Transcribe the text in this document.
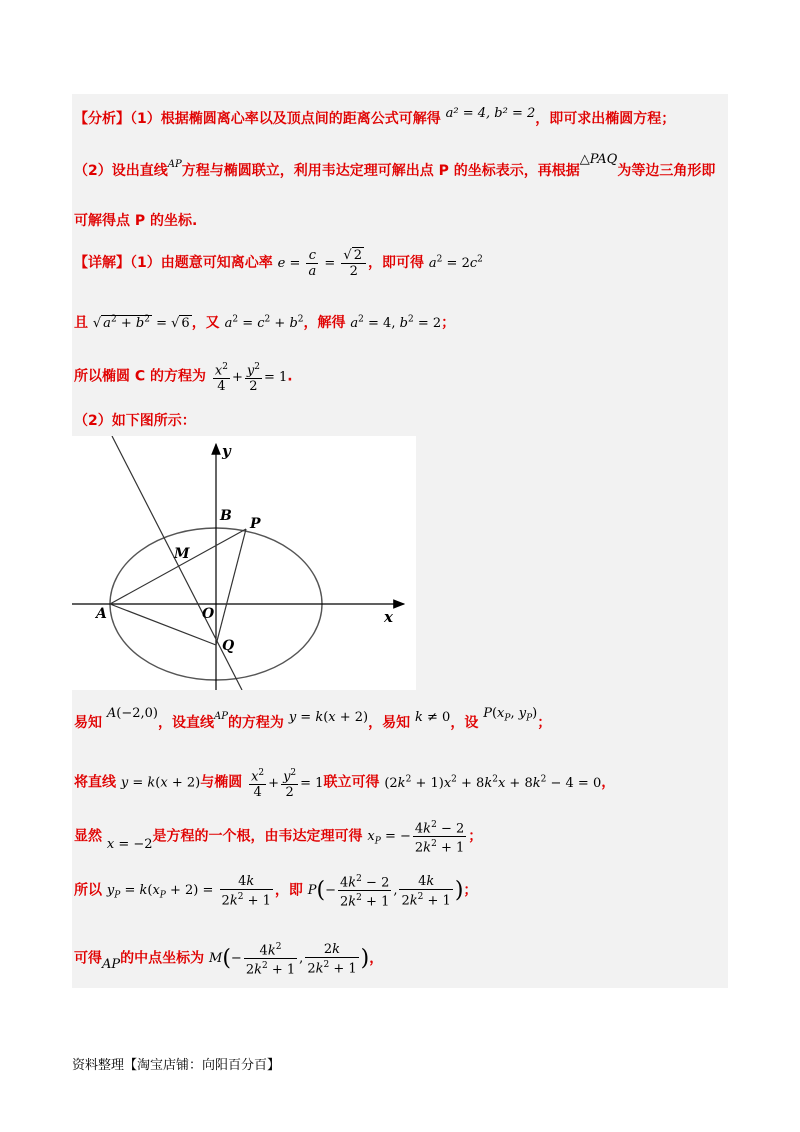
【分析】（1）根据椭圆离心率以及顶点间的距离公式可解得 a² = 4, b² = 2，即可求出椭圆方程；
（2）设出直线$^{AP}$方程与椭圆联立，利用韦达定理可解出点 P 的坐标表示，再根据△PAQ为等边三角形即
可解得点 P 的坐标.
【详解】（1）由题意可知离心率 $e = \frac{c}{a} = \frac{√ 2}{2}$ ，即可得 $a^2 = 2c^2$
且 √ $a^2 + b^2$ = √ 6 ，又 $a^2 = c^2 + b^2$，解得 $a^2 = 4$, $b^2 = 2$；
所以椭圆 C 的方程为 $\frac{x^2}{4} + \frac{y^2}{2} = 1$.
（2）如下图所示：
y
x
B P
M
A	O
Q
易知 A(−2,0)，设直线$^{AP}$的方程为 y = k(x + 2)，易知 k ≠ 0，设 $P(x_P$, $y_P$)；
将直线 y = k(x + 2)与椭圆 $\frac{x^2}{4} + \frac{y^2}{2} = 1$联立可得 $(2k^2 + 1)x^2 + 8k^2x + 8k^2 - 4 = 0$，
显然 x = −2是方程的一个根，由韦达定理可得 $x_P$ = − $\frac{4k^2 - 2}{2k^2 + 1}$ ；
所以 $y_P = k(x_P + 2) = \frac{4k}{2k^2 + 1}$ ，即 $P(- \frac{4k^2 - 2}{2k^2 + 1}$ , $\frac{4k}{2k^2 + 1}$ )；
可得AP的中点坐标为 $M(- \frac{4k^2}{2k^2 + 1}$ , $\frac{2k}{2k^2 + 1}$ )，
资料整理【淘宝店铺：向阳百分百】
